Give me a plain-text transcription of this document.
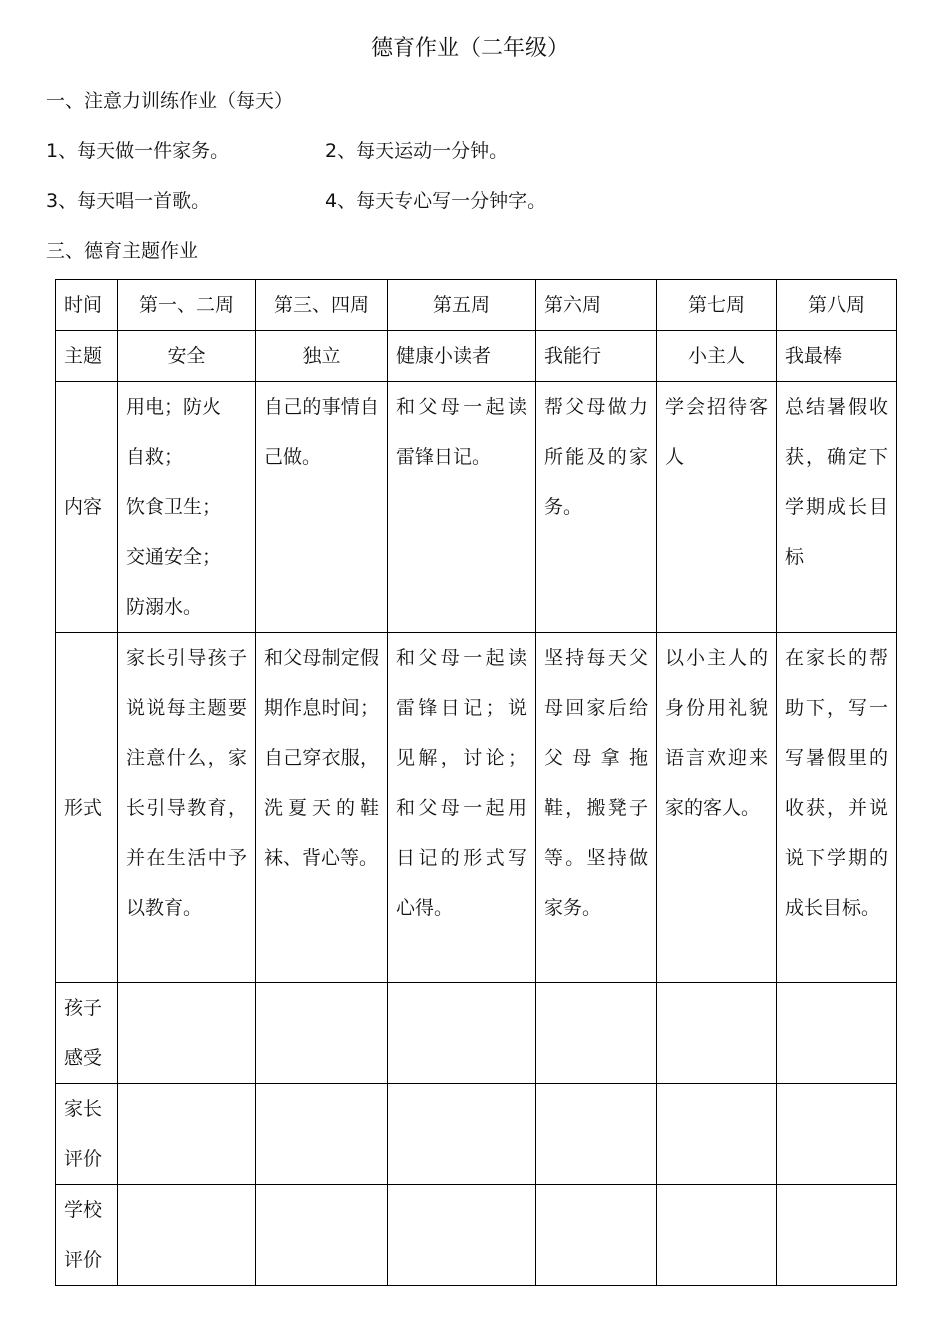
德育作业（二年级）
一、注意力训练作业（每天）
1、每天做一件家务。	2、每天运动一分钟。
3、每天唱一首歌。	4、每天专心写一分钟字。
三、德育主题作业
时间	第一、二周	第三、四周	第五周	第六周	第七周	第八周
主题	安全	独立	健康小读者	我能行	小主人	我最棒
内容	用电；防火
自救；
饮食卫生；
交通安全；
防溺水。	自己的事情自己做。	和父母一起读雷锋日记。	帮父母做力所能及的家务。	学会招待客人	总结暑假收获，确定下学期成长目标

形式	家长引导孩子说说每主题要注意什么，家长引导教育，并在生活中予以教育。	和父母制定假期作息时间；自己穿衣服，洗夏天的鞋袜、背心等。	和父母一起读雷锋日记；说见解，讨论；和父母一起用日记的形式写心得。	坚持每天父母回家后给父母拿拖鞋，搬凳子等。坚持做家务。	以小主人的身份用礼貌语言欢迎来家的客人。	在家长的帮助下，写一写暑假里的收获，并说说下学期的成长目标。

孩子
感受						

家长
评价						

学校
评价						
